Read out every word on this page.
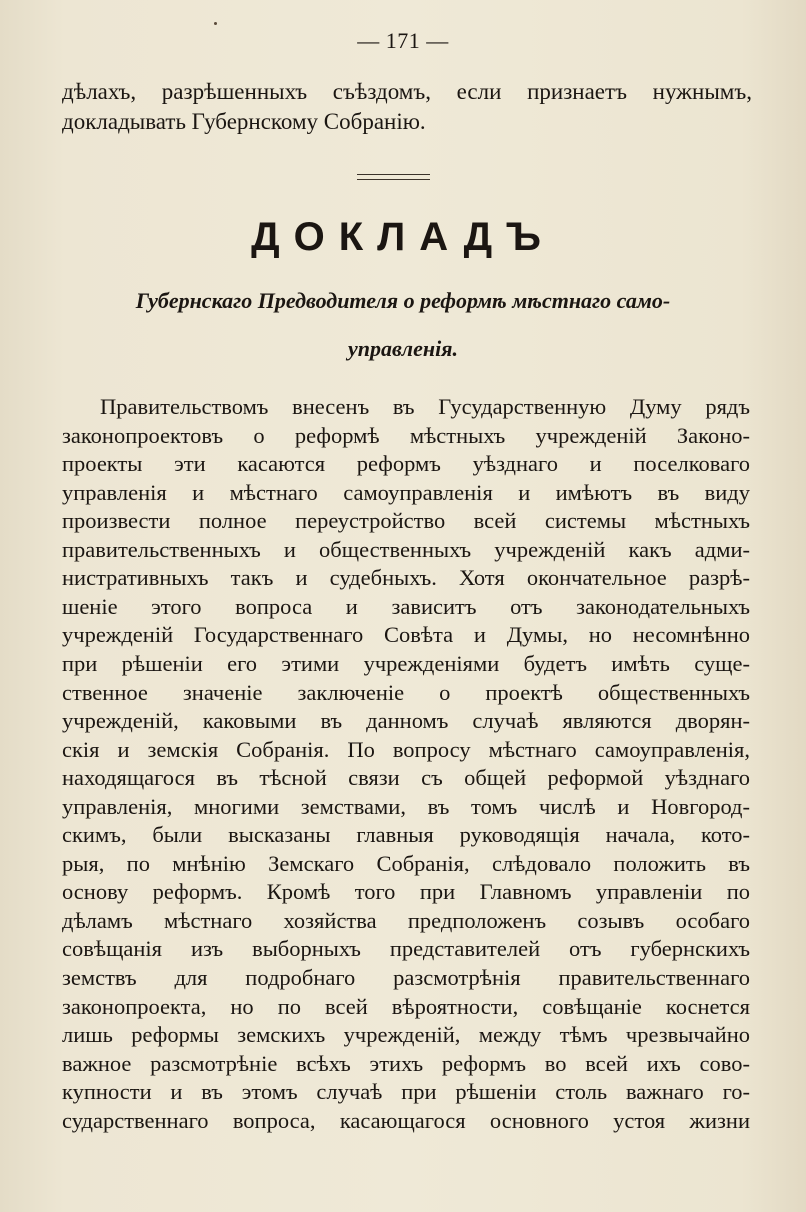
— 171 —
дѣлахъ, разрѣшенныхъ съѣздомъ, если признаетъ нужнымъ,
докладывать Губернскому Собранію.
ДОКЛАДЪ
Губернскаго Предводителя о реформѣ мѣстнаго само-
управленія.
Правительствомъ внесенъ въ Гусударственную Думу рядъ
законопроектовъ о реформѣ мѣстныхъ учрежденій Законо-
проекты эти касаются реформъ уѣзднаго и поселковаго
управленія и мѣстнаго самоуправленія и имѣютъ въ виду
произвести полное переустройство всей системы мѣстныхъ
правительственныхъ и общественныхъ учрежденій какъ адми-
нистративныхъ такъ и судебныхъ. Хотя окончательное разрѣ-
шеніе этого вопроса и зависитъ отъ законодательныхъ
учрежденій Государственнаго Совѣта и Думы, но несомнѣнно
при рѣшеніи его этими учрежденіями будетъ имѣть суще-
ственное значеніе заключеніе о проектѣ общественныхъ
учрежденій, каковыми въ данномъ случаѣ являются дворян-
скія и земскія Собранія. По вопросу мѣстнаго самоуправленія,
находящагося въ тѣсной связи съ общей реформой уѣзднаго
управленія, многими земствами, въ томъ числѣ и Новгород-
скимъ, были высказаны главныя руководящія начала, кото-
рыя, по мнѣнію Земскаго Собранія, слѣдовало положить въ
основу реформъ. Кромѣ того при Главномъ управленіи по
дѣламъ мѣстнаго хозяйства предположенъ созывъ особаго
совѣщанія изъ выборныхъ представителей отъ губернскихъ
земствъ для подробнаго разсмотрѣнія правительственнаго
законопроекта, но по всей вѣроятности, совѣщаніе коснется
лишь реформы земскихъ учрежденій, между тѣмъ чрезвычайно
важное разсмотрѣніе всѣхъ этихъ реформъ во всей ихъ сово-
купности и въ этомъ случаѣ при рѣшеніи столь важнаго го-
сударственнаго вопроса, касающагося основного устоя жизни
